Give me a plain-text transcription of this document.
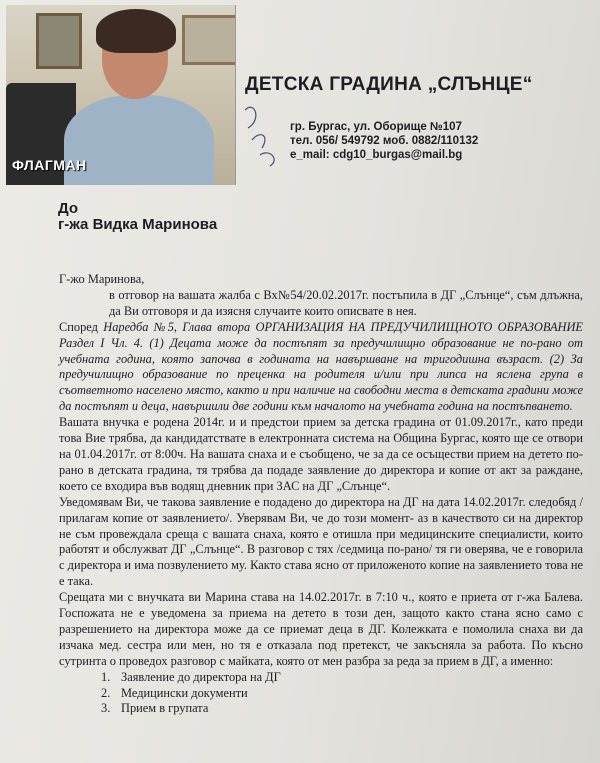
ФЛАГМАН
ДЕТСКА ГРАДИНА „СЛЪНЦЕ“
гр. Бургас, ул. Оборище №107
тел. 056/ 549792 моб. 0882/110132
e_mail: cdg10_burgas@mail.bg
До
г-жа Видка Маринова

Г-жо Маринова,

в отговор на вашата жалба с Вх№54/20.02.2017г. постъпила в ДГ „Слънце“, съм длъжна, да Ви отговоря и да изясня случаите които описвате в нея.

Според Наредба №5, Глава втора ОРГАНИЗАЦИЯ НА ПРЕДУЧИЛИЩНОТО ОБРАЗОВАНИЕ Раздел I Чл. 4. (1) Децата може да постъпят за предучилищно образование не по-рано от учебната година, която започва в годината на навършване на тригодишна възраст. (2) За предучилищно образование по преценка на родителя и/или при липса на яслена група в съответното населено място, както и при наличие на свободни места в детската градини може да постъпят и деца, навършили две години към началото на учебната година на постъпването.

Вашата внучка е родена 2014г. и и предстои прием за детска градина от 01.09.2017г., като преди това Вие трябва, да кандидатствате в електронната система на Община Бургас, която ще се отвори на 01.04.2017г. от 8:00ч. На вашата снаха и е съобщено, че за да се осъществи прием на детето по- рано в детската градина, тя трябва да подаде заявление до директора и копие от акт за раждане, което се входира във водящ дневник при ЗАС на ДГ „Слънце“.

Уведомявам Ви, че такова заявление е подадено до директора на ДГ на дата 14.02.2017г. следобяд /прилагам копие от заявлението/. Уверявам Ви, че до този момент- аз в качеството си на директор не съм провеждала среща с вашата снаха, която е отишла при медицинските специалисти, които работят и обслужват ДГ „Слънце“. В разговор с тях /седмица по-рано/ тя ги оверява, че е говорила с директора и има позвулението му. Както става ясно от приложеното копие на заявлението това не е така.

Срещата ми с внучката ви Марина става на 14.02.2017г. в 7:10 ч., която е приета от г-жа Балева. Госпожата не е уведомена за приема на детето в този ден, защото както стана ясно само с разрешението на директора може да се приемат деца в ДГ. Колежката е помолила снаха ви да изчака мед. сестра или мен, но тя е отказала под претекст, че закъсняла за работа. По късно сутринта о проведох разговор с майката, която от мен разбра за реда за прием в ДГ, а именно:

1. Заявление до директора на ДГ
2. Медицински документи
3. Прием в групата
